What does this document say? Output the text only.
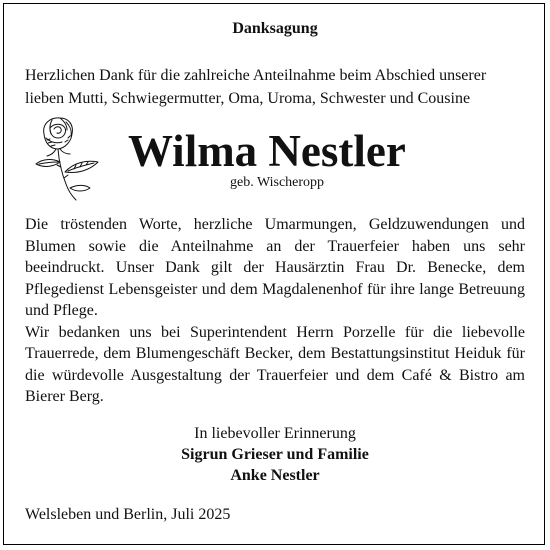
Danksagung
Herzlichen Dank für die zahlreiche Anteilnahme beim Abschied unserer
lieben Mutti, Schwiegermutter, Oma, Uroma, Schwester und Cousine
Wilma Nestler
geb. Wischeropp

Die tröstenden Worte, herzliche Umarmungen, Geldzuwendungen und Blumen sowie die Anteilnahme an der Trauerfeier haben uns sehr beeindruckt. Unser Dank gilt der Hausärztin Frau Dr. Benecke, dem Pflegedienst Lebensgeister und dem Magdalenenhof für ihre lange Betreuung und Pflege.

Wir bedanken uns bei Superintendent Herrn Porzelle für die liebevolle Trauerrede, dem Blumengeschäft Becker, dem Bestattungsinstitut Heiduk für die würdevolle Ausgestaltung der Trauerfeier und dem Café & Bistro am Bierer Berg.

In liebevoller Erinnerung
Sigrun Grieser und Familie
Anke Nestler
Welsleben und Berlin, Juli 2025
